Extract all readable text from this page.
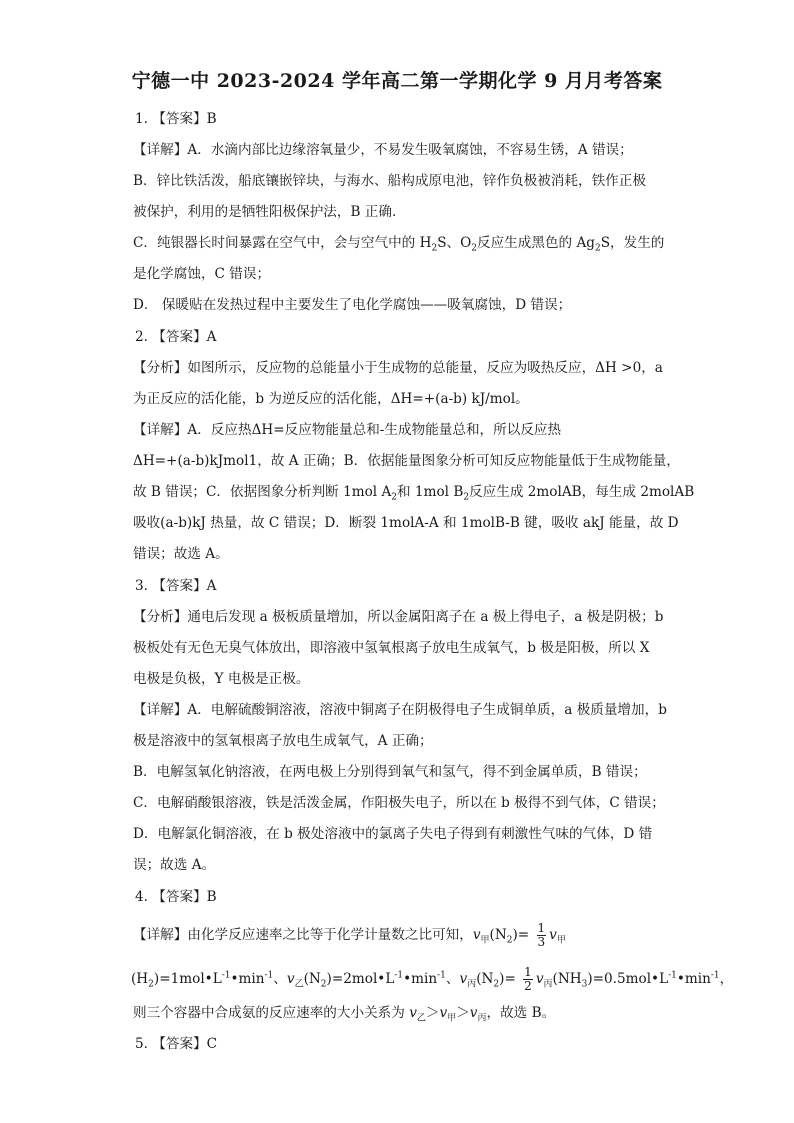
宁德一中 2023-2024 学年高二第一学期化学 9 月月考答案
1. 【答案】B
【详解】A．水滴内部比边缘溶氧量少，不易发生吸氧腐蚀，不容易生锈，A 错误；
B．锌比铁活泼，船底镶嵌锌块，与海水、船构成原电池，锌作负极被消耗，铁作正极
被保护，利用的是牺牲阳极保护法，B 正确.
C．纯银器长时间暴露在空气中，会与空气中的 $H_2S$、$O_2$反应生成黑色的 $Ag_2S$，发生的
是化学腐蚀，C 错误；
D． 保暖贴在发热过程中主要发生了电化学腐蚀——吸氧腐蚀，D 错误；
2. 【答案】A
【分析】如图所示，反应物的总能量小于生成物的总能量，反应为吸热反应，ΔH >0，a
为正反应的活化能，b 为逆反应的活化能，ΔH=+(a-b) kJ/mol。
【详解】A．反应热ΔH=反应物能量总和-生成物能量总和，所以反应热
ΔH=+(a-b)kJmol1，故 A 正确；B．依据能量图象分析可知反应物能量低于生成物能量，
故 B 错误；C．依据图象分析判断 1mol $A_2$和 1mol $B_2$反应生成 2molAB，每生成 2molAB
吸收(a-b)kJ 热量，故 C 错误；D．断裂 1molA-A 和 1molB-B 键，吸收 akJ 能量，故 D
错误；故选 A。
3. 【答案】A
【分析】通电后发现 a 极板质量增加，所以金属阳离子在 a 极上得电子，a 极是阴极；b
极板处有无色无臭气体放出，即溶液中氢氧根离子放电生成氧气，b 极是阳极，所以 X
电极是负极，Y 电极是正极。
【详解】A．电解硫酸铜溶液，溶液中铜离子在阴极得电子生成铜单质，a 极质量增加，b
极是溶液中的氢氧根离子放电生成氧气，A 正确；
B．电解氢氧化钠溶液，在两电极上分别得到氧气和氢气，得不到金属单质，B 错误；
C．电解硝酸银溶液，铁是活泼金属，作阳极失电子，所以在 b 极得不到气体，C 错误；
D．电解氯化铜溶液，在 b 极处溶液中的氯离子失电子得到有刺激性气味的气体，D 错
误；故选 A。
4. 【答案】B
【详解】由化学反应速率之比等于化学计量数之比可知，$v_甲(N_2)= \frac{1}{3} v_甲$
$(H_2)=1mol•L^{-1}•\min^{-1}$、$v_乙(N_2)=2mol•L^{-1}•\min^{-1}$、$v_丙(N_2)= \frac{1}{2}$ $v_丙(NH_3)=0.5mol•L^{-1}•\min^{-1}$，
则三个容器中合成氨的反应速率的大小关系为 $v_乙>v_甲>v_丙$，故选 B。
5. 【答案】C
